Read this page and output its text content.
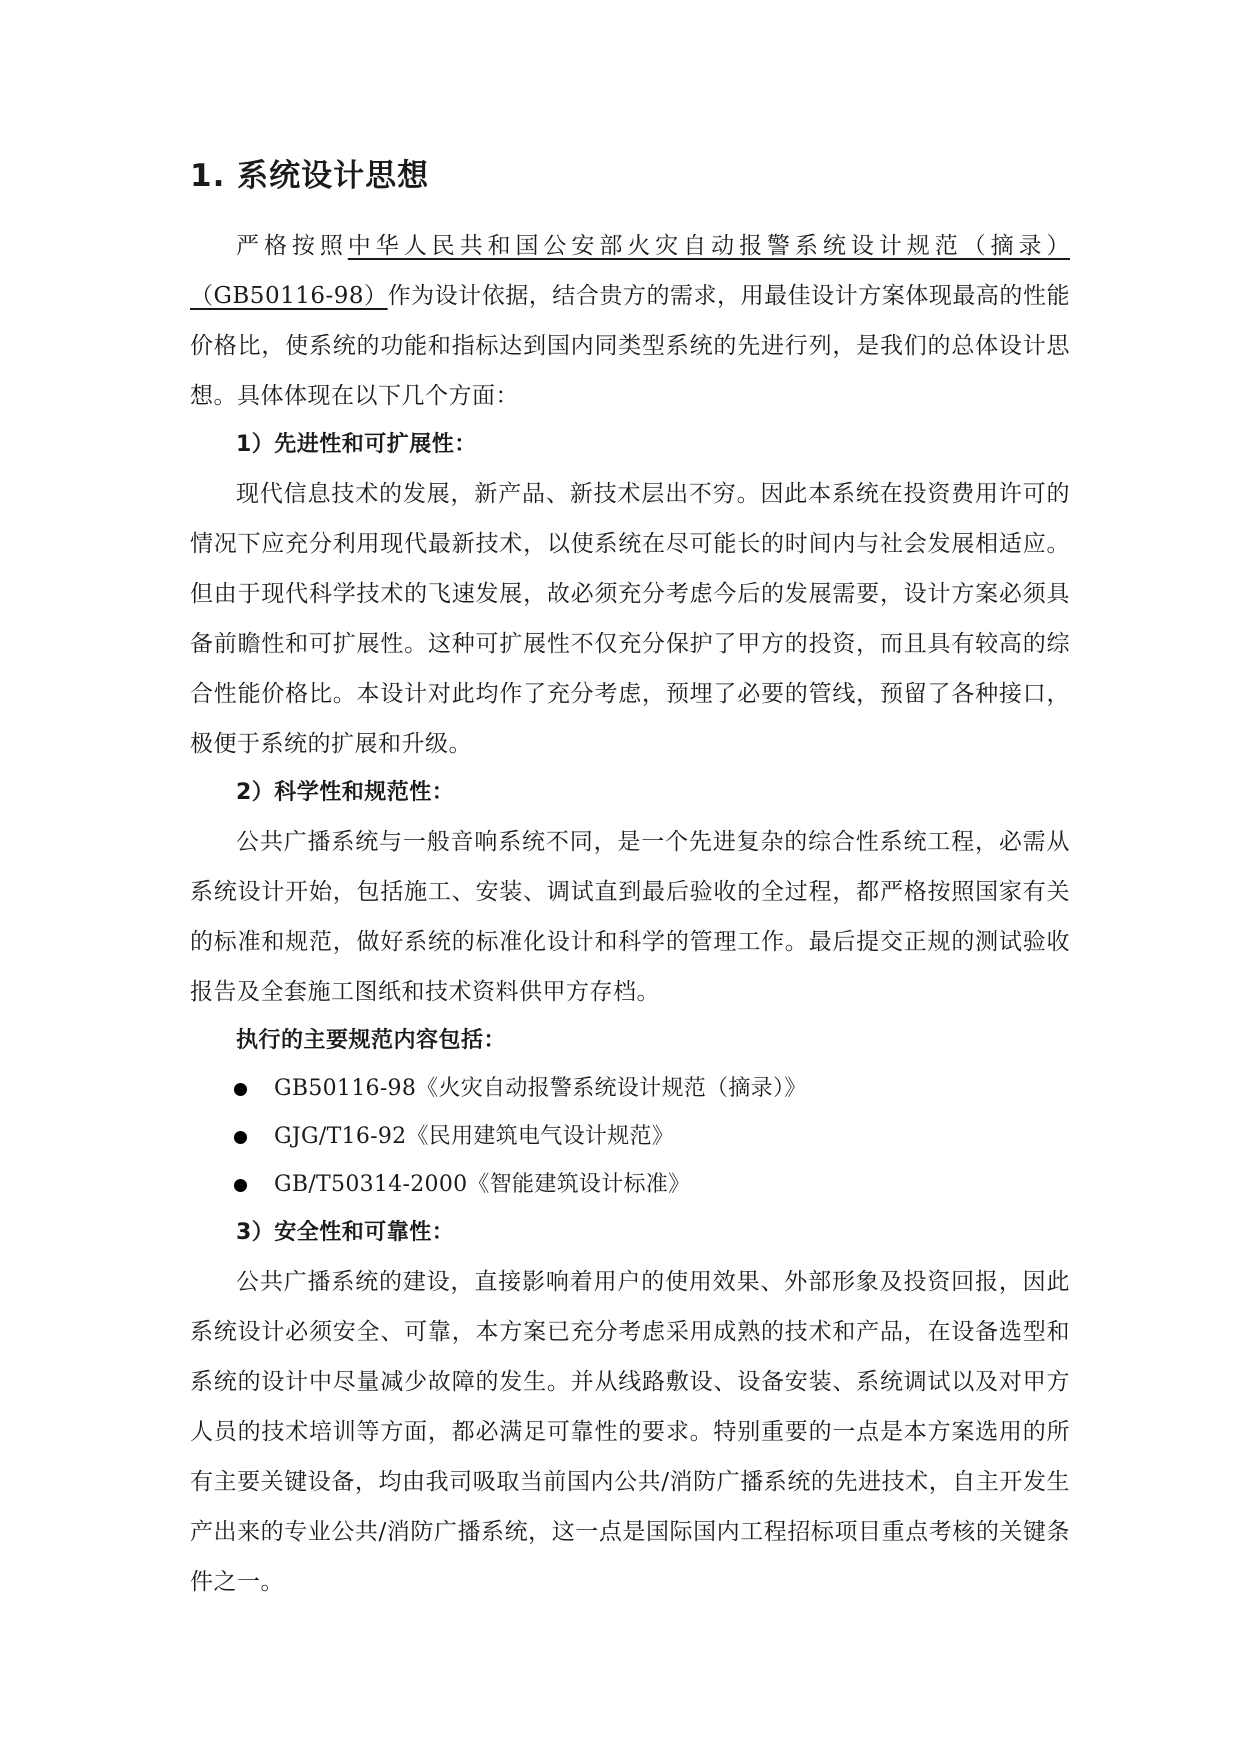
1. 系统设计思想

严格按照中华人民共和国公安部火灾自动报警系统设计规范（摘录）（GB50116-98）作为设计依据，结合贵方的需求，用最佳设计方案体现最高的性能价格比，使系统的功能和指标达到国内同类型系统的先进行列，是我们的总体设计思想。具体体现在以下几个方面：

1）先进性和可扩展性：

现代信息技术的发展，新产品、新技术层出不穷。因此本系统在投资费用许可的情况下应充分利用现代最新技术，以使系统在尽可能长的时间内与社会发展相适应。但由于现代科学技术的飞速发展，故必须充分考虑今后的发展需要，设计方案必须具备前瞻性和可扩展性。这种可扩展性不仅充分保护了甲方的投资，而且具有较高的综合性能价格比。本设计对此均作了充分考虑，预埋了必要的管线，预留了各种接口，极便于系统的扩展和升级。

2）科学性和规范性：

公共广播系统与一般音响系统不同，是一个先进复杂的综合性系统工程，必需从系统设计开始，包括施工、安装、调试直到最后验收的全过程，都严格按照国家有关的标准和规范，做好系统的标准化设计和科学的管理工作。最后提交正规的测试验收报告及全套施工图纸和技术资料供甲方存档。

执行的主要规范内容包括：
GB50116-98《火灾自动报警系统设计规范（摘录）》
GJG/T16-92《民用建筑电气设计规范》
GB/T50314-2000《智能建筑设计标准》
3）安全性和可靠性：

公共广播系统的建设，直接影响着用户的使用效果、外部形象及投资回报，因此系统设计必须安全、可靠，本方案已充分考虑采用成熟的技术和产品，在设备选型和系统的设计中尽量减少故障的发生。并从线路敷设、设备安装、系统调试以及对甲方人员的技术培训等方面，都必满足可靠性的要求。特别重要的一点是本方案选用的所有主要关键设备，均由我司吸取当前国内公共/消防广播系统的先进技术，自主开发生产出来的专业公共/消防广播系统，这一点是国际国内工程招标项目重点考核的关键条件之一。
